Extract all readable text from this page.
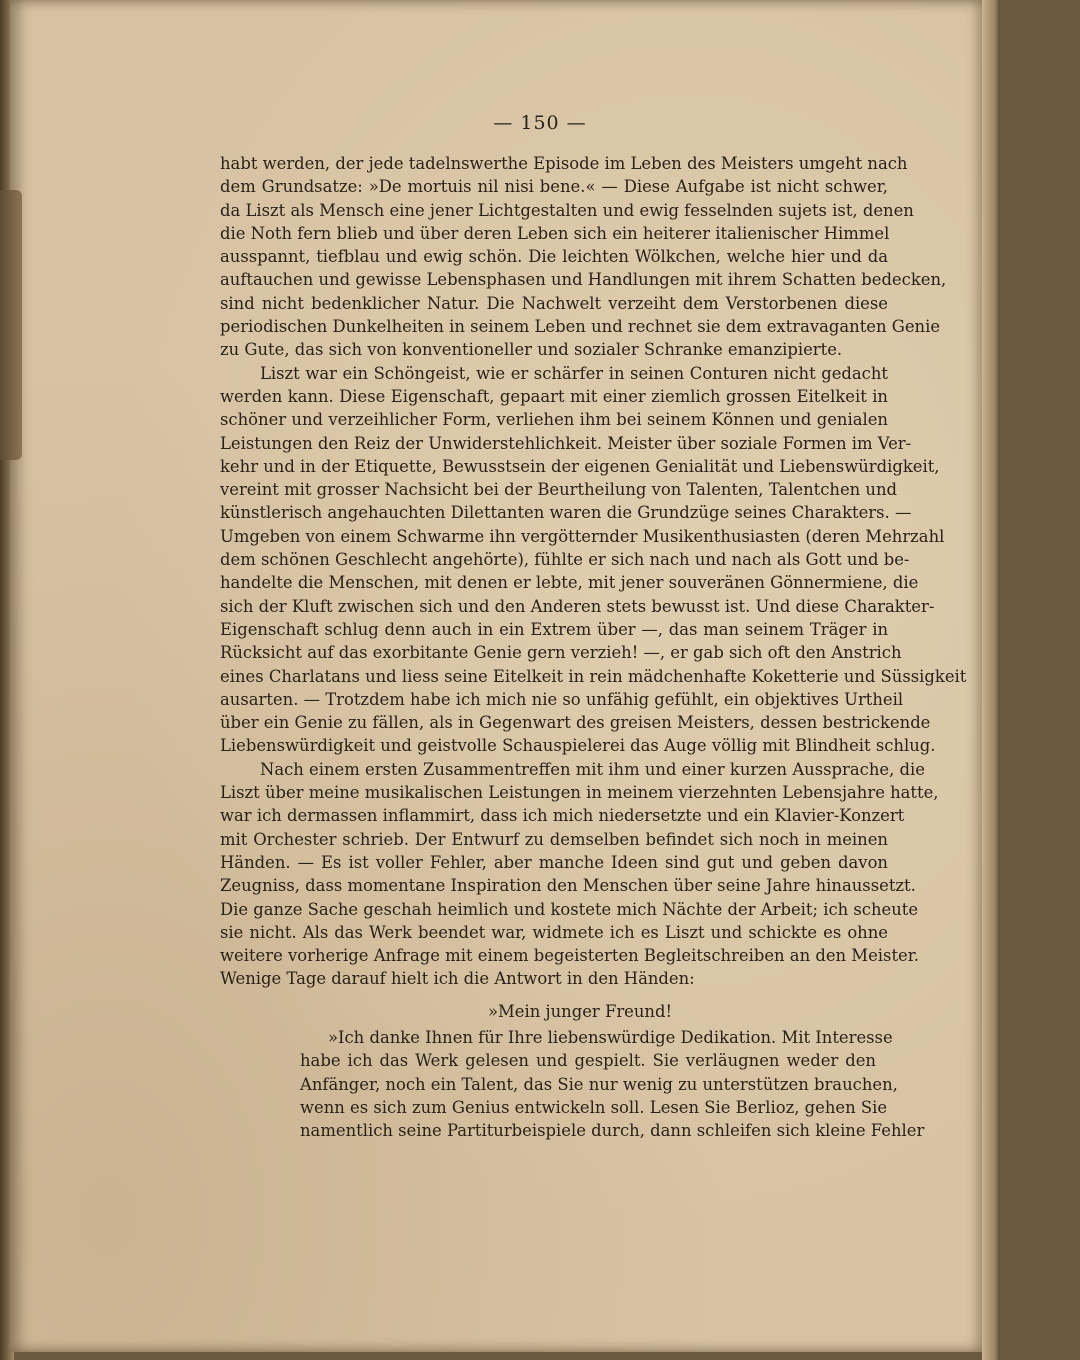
— 150 —
habt werden, der jede tadelnswerthe Episode im Leben des Meisters umgeht nach
dem Grundsatze: »De mortuis nil nisi bene.« — Diese Aufgabe ist nicht schwer,
da Liszt als Mensch eine jener Lichtgestalten und ewig fesselnden sujets ist, denen
die Noth fern blieb und über deren Leben sich ein heiterer italienischer Himmel
ausspannt, tiefblau und ewig schön. Die leichten Wölkchen, welche hier und da
auftauchen und gewisse Lebensphasen und Handlungen mit ihrem Schatten bedecken,
sind nicht bedenklicher Natur. Die Nachwelt verzeiht dem Verstorbenen diese
periodischen Dunkelheiten in seinem Leben und rechnet sie dem extravaganten Genie
zu Gute, das sich von konventioneller und sozialer Schranke emanzipierte.
Liszt war ein Schöngeist, wie er schärfer in seinen Conturen nicht gedacht
werden kann. Diese Eigenschaft, gepaart mit einer ziemlich grossen Eitelkeit in
schöner und verzeihlicher Form, verliehen ihm bei seinem Können und genialen
Leistungen den Reiz der Unwiderstehlichkeit. Meister über soziale Formen im Ver-
kehr und in der Etiquette, Bewusstsein der eigenen Genialität und Liebenswürdigkeit,
vereint mit grosser Nachsicht bei der Beurtheilung von Talenten, Talentchen und
künstlerisch angehauchten Dilettanten waren die Grundzüge seines Charakters. —
Umgeben von einem Schwarme ihn vergötternder Musikenthusiasten (deren Mehrzahl
dem schönen Geschlecht angehörte), fühlte er sich nach und nach als Gott und be-
handelte die Menschen, mit denen er lebte, mit jener souveränen Gönnermiene, die
sich der Kluft zwischen sich und den Anderen stets bewusst ist. Und diese Charakter-
Eigenschaft schlug denn auch in ein Extrem über —, das man seinem Träger in
Rücksicht auf das exorbitante Genie gern verzieh! —, er gab sich oft den Anstrich
eines Charlatans und liess seine Eitelkeit in rein mädchenhafte Koketterie und Süssigkeit
ausarten. — Trotzdem habe ich mich nie so unfähig gefühlt, ein objektives Urtheil
über ein Genie zu fällen, als in Gegenwart des greisen Meisters, dessen bestrickende
Liebenswürdigkeit und geistvolle Schauspielerei das Auge völlig mit Blindheit schlug.
Nach einem ersten Zusammentreffen mit ihm und einer kurzen Aussprache, die
Liszt über meine musikalischen Leistungen in meinem vierzehnten Lebensjahre hatte,
war ich dermassen inflammirt, dass ich mich niedersetzte und ein Klavier-Konzert
mit Orchester schrieb. Der Entwurf zu demselben befindet sich noch in meinen
Händen. — Es ist voller Fehler, aber manche Ideen sind gut und geben davon
Zeugniss, dass momentane Inspiration den Menschen über seine Jahre hinaussetzt.
Die ganze Sache geschah heimlich und kostete mich Nächte der Arbeit; ich scheute
sie nicht. Als das Werk beendet war, widmete ich es Liszt und schickte es ohne
weitere vorherige Anfrage mit einem begeisterten Begleitschreiben an den Meister.
Wenige Tage darauf hielt ich die Antwort in den Händen:
»Mein junger Freund!
»Ich danke Ihnen für Ihre liebenswürdige Dedikation. Mit Interesse
habe ich das Werk gelesen und gespielt. Sie verläugnen weder den
Anfänger, noch ein Talent, das Sie nur wenig zu unterstützen brauchen,
wenn es sich zum Genius entwickeln soll. Lesen Sie Berlioz, gehen Sie
namentlich seine Partiturbeispiele durch, dann schleifen sich kleine Fehler
